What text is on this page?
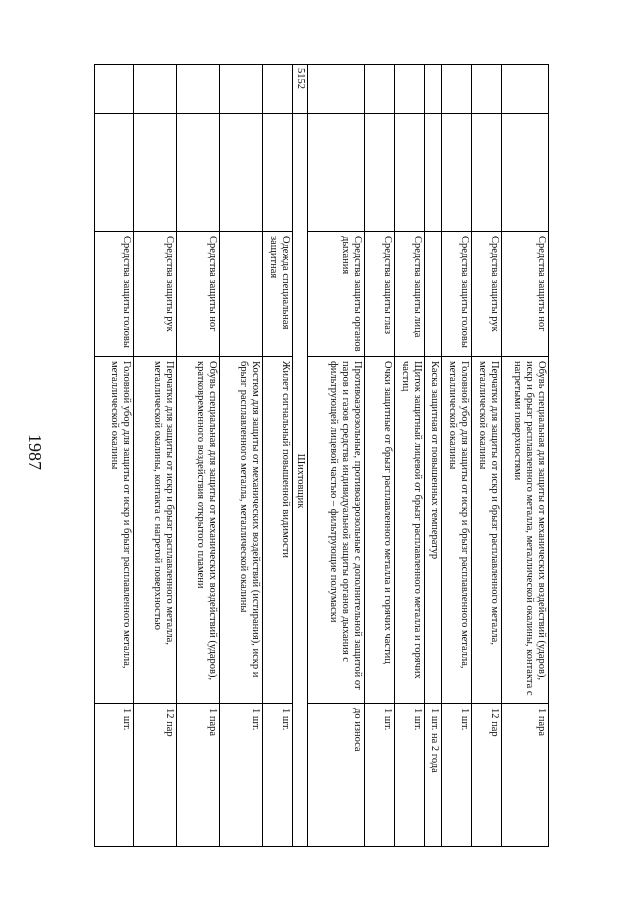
1987
Средства защиты ног
Обувь специальная для защиты от механических воздействий (ударов), искр и брызг расплавленного металла, металлической окалины, контакта с нагретыми поверхностями
1 пара
Средства защиты рук
Перчатки для защиты от искр и брызг расплавленного металла, металлической окалины
12 пар
Средства защиты головы
Головной убор для защиты от искр и брызг расплавленного металла, металлической окалины
1 шт.
Каска защитная от повышенных температур
1 шт. на 2 года
Средства защиты лица
Щиток защитный лицевой от брызг расплавленного металла и горячих частиц
1 шт.
Средства защиты глаз
Очки защитные от брызг расплавленного металла и горячих частиц
1 шт.
Средства защиты органов дыхания
Противоаэрозольные, противоаэрозольные с дополнительной защитой от паров и газов средства индивидуальной защиты органов дыхания с фильтрующей лицевой частью – фильтрующие полумаски
до износа
5152
Шихтовщик
Одежда специальная защитная
Жилет сигнальный повышенной видимости
1 шт.
Костюм для защиты от механических воздействий (истирания), искр и брызг расплавленного металла, металлической окалины
1 шт.
Средства защиты ног
Обувь специальная для защиты от механических воздействий (ударов), кратковременного воздействия открытого пламени
1 пара
Средства защиты рук
Перчатки для защиты от искр и брызг расплавленного металла, металлической окалины, контакта с нагретой поверхностью
12 пар
Средства защиты головы
Головной убор для защиты от искр и брызг расплавленного металла, металлической окалины
1 шт.
